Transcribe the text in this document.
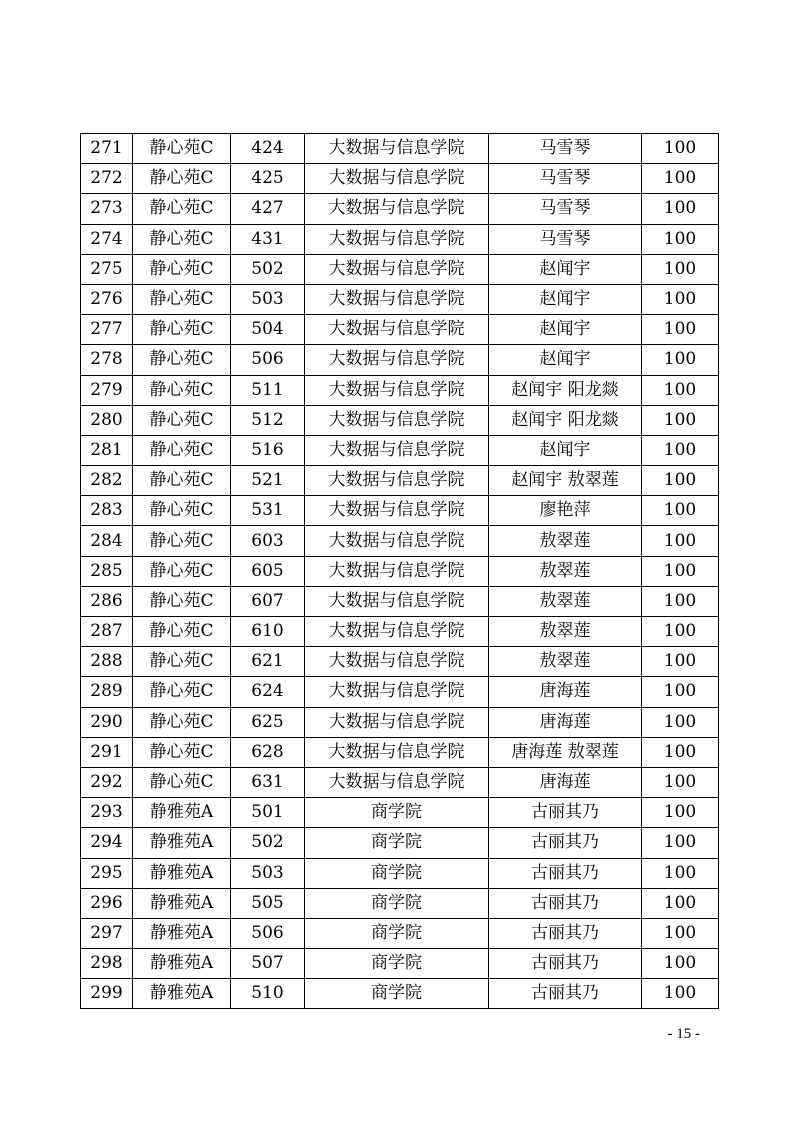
271	静心苑C	424	大数据与信息学院	马雪琴	100
272	静心苑C	425	大数据与信息学院	马雪琴	100
273	静心苑C	427	大数据与信息学院	马雪琴	100
274	静心苑C	431	大数据与信息学院	马雪琴	100
275	静心苑C	502	大数据与信息学院	赵闻宇	100
276	静心苑C	503	大数据与信息学院	赵闻宇	100
277	静心苑C	504	大数据与信息学院	赵闻宇	100
278	静心苑C	506	大数据与信息学院	赵闻宇	100
279	静心苑C	511	大数据与信息学院	赵闻宇 阳龙燚	100
280	静心苑C	512	大数据与信息学院	赵闻宇 阳龙燚	100
281	静心苑C	516	大数据与信息学院	赵闻宇	100
282	静心苑C	521	大数据与信息学院	赵闻宇 敖翠莲	100
283	静心苑C	531	大数据与信息学院	廖艳萍	100
284	静心苑C	603	大数据与信息学院	敖翠莲	100
285	静心苑C	605	大数据与信息学院	敖翠莲	100
286	静心苑C	607	大数据与信息学院	敖翠莲	100
287	静心苑C	610	大数据与信息学院	敖翠莲	100
288	静心苑C	621	大数据与信息学院	敖翠莲	100
289	静心苑C	624	大数据与信息学院	唐海莲	100
290	静心苑C	625	大数据与信息学院	唐海莲	100
291	静心苑C	628	大数据与信息学院	唐海莲 敖翠莲	100
292	静心苑C	631	大数据与信息学院	唐海莲	100
293	静雅苑A	501	商学院	古丽其乃	100
294	静雅苑A	502	商学院	古丽其乃	100
295	静雅苑A	503	商学院	古丽其乃	100
296	静雅苑A	505	商学院	古丽其乃	100
297	静雅苑A	506	商学院	古丽其乃	100
298	静雅苑A	507	商学院	古丽其乃	100
299	静雅苑A	510	商学院	古丽其乃	100
- 15 -
